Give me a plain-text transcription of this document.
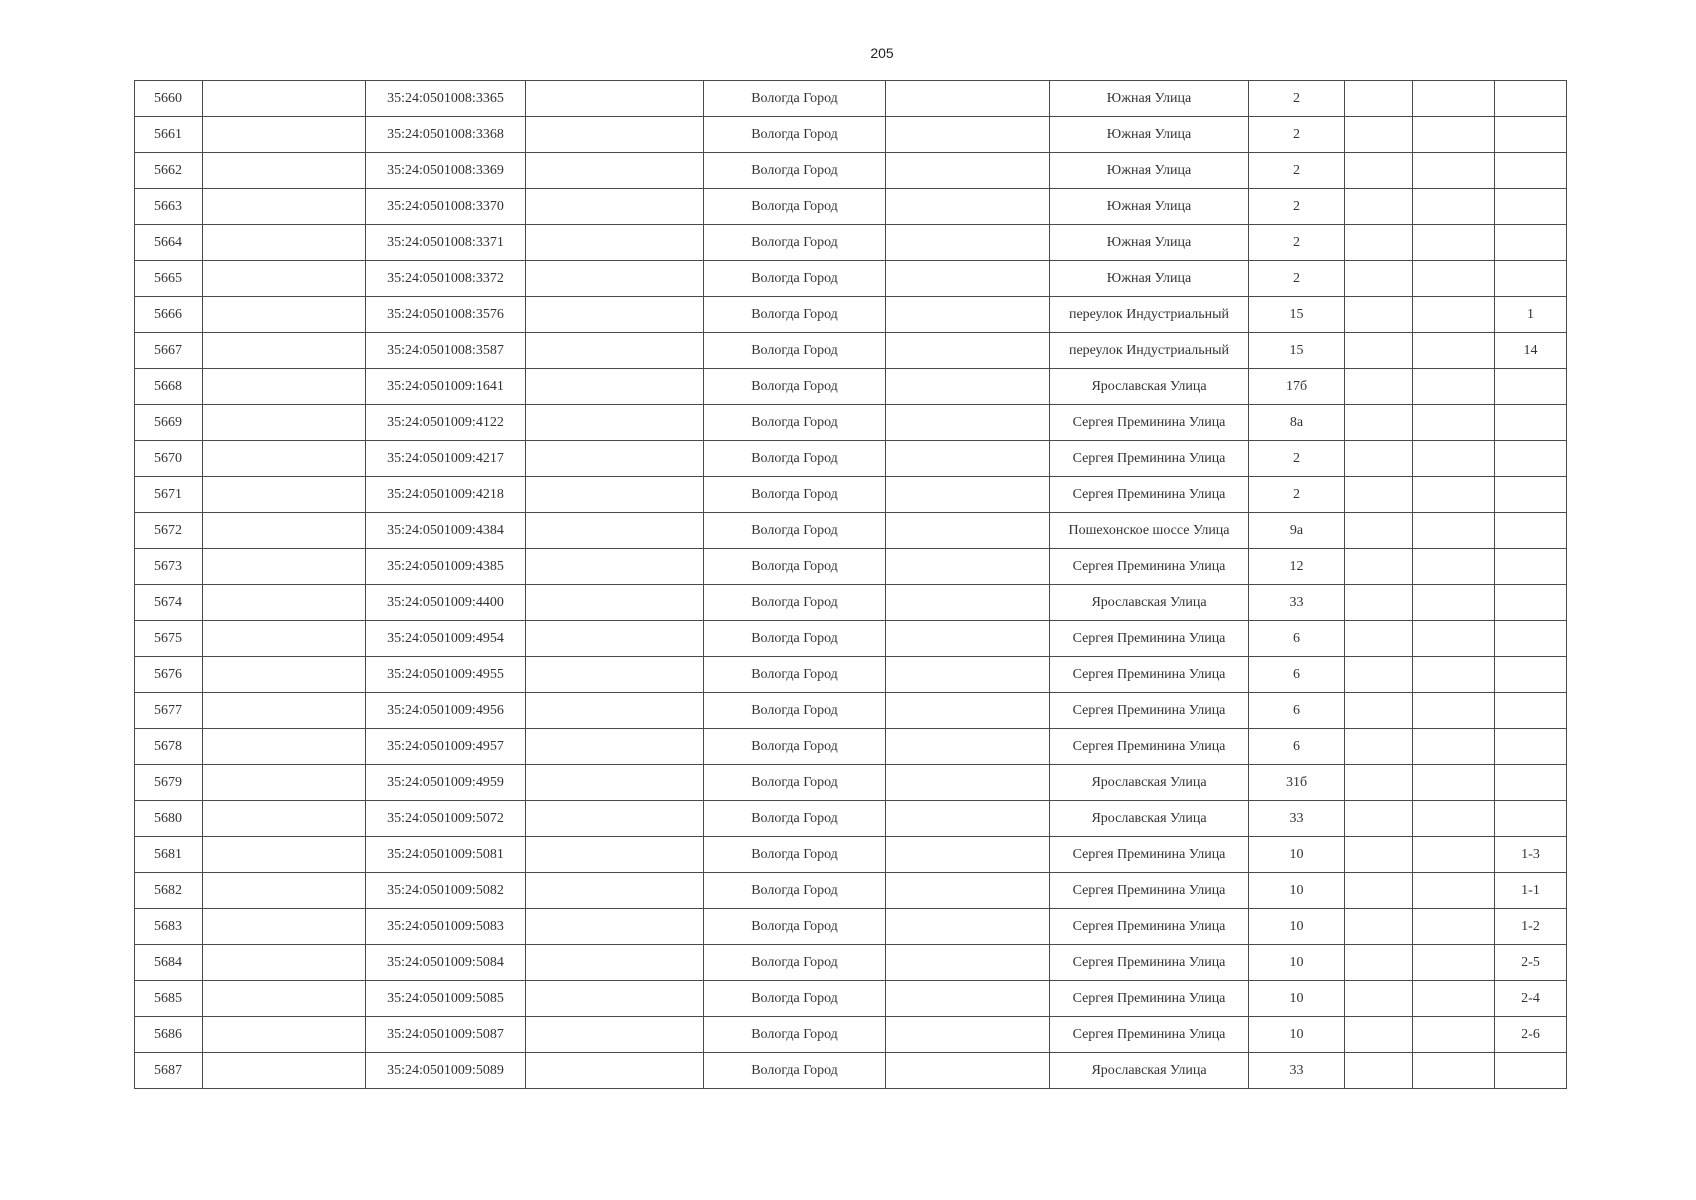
205
5660		35:24:0501008:3365		Вологда Город		Южная Улица	2			
5661		35:24:0501008:3368		Вологда Город		Южная Улица	2			
5662		35:24:0501008:3369		Вологда Город		Южная Улица	2			
5663		35:24:0501008:3370		Вологда Город		Южная Улица	2			
5664		35:24:0501008:3371		Вологда Город		Южная Улица	2			
5665		35:24:0501008:3372		Вологда Город		Южная Улица	2			
5666		35:24:0501008:3576		Вологда Город		переулок Индустриальный	15			1
5667		35:24:0501008:3587		Вологда Город		переулок Индустриальный	15			14
5668		35:24:0501009:1641		Вологда Город		Ярославская Улица	17б			
5669		35:24:0501009:4122		Вологда Город		Сергея Преминина Улица	8а			
5670		35:24:0501009:4217		Вологда Город		Сергея Преминина Улица	2			
5671		35:24:0501009:4218		Вологда Город		Сергея Преминина Улица	2			
5672		35:24:0501009:4384		Вологда Город		Пошехонское шоссе Улица	9а			
5673		35:24:0501009:4385		Вологда Город		Сергея Преминина Улица	12			
5674		35:24:0501009:4400		Вологда Город		Ярославская Улица	33			
5675		35:24:0501009:4954		Вологда Город		Сергея Преминина Улица	6			
5676		35:24:0501009:4955		Вологда Город		Сергея Преминина Улица	6			
5677		35:24:0501009:4956		Вологда Город		Сергея Преминина Улица	6			
5678		35:24:0501009:4957		Вологда Город		Сергея Преминина Улица	6			
5679		35:24:0501009:4959		Вологда Город		Ярославская Улица	31б			
5680		35:24:0501009:5072		Вологда Город		Ярославская Улица	33			
5681		35:24:0501009:5081		Вологда Город		Сергея Преминина Улица	10			1-3
5682		35:24:0501009:5082		Вологда Город		Сергея Преминина Улица	10			1-1
5683		35:24:0501009:5083		Вологда Город		Сергея Преминина Улица	10			1-2
5684		35:24:0501009:5084		Вологда Город		Сергея Преминина Улица	10			2-5
5685		35:24:0501009:5085		Вологда Город		Сергея Преминина Улица	10			2-4
5686		35:24:0501009:5087		Вологда Город		Сергея Преминина Улица	10			2-6
5687		35:24:0501009:5089		Вологда Город		Ярославская Улица	33			
